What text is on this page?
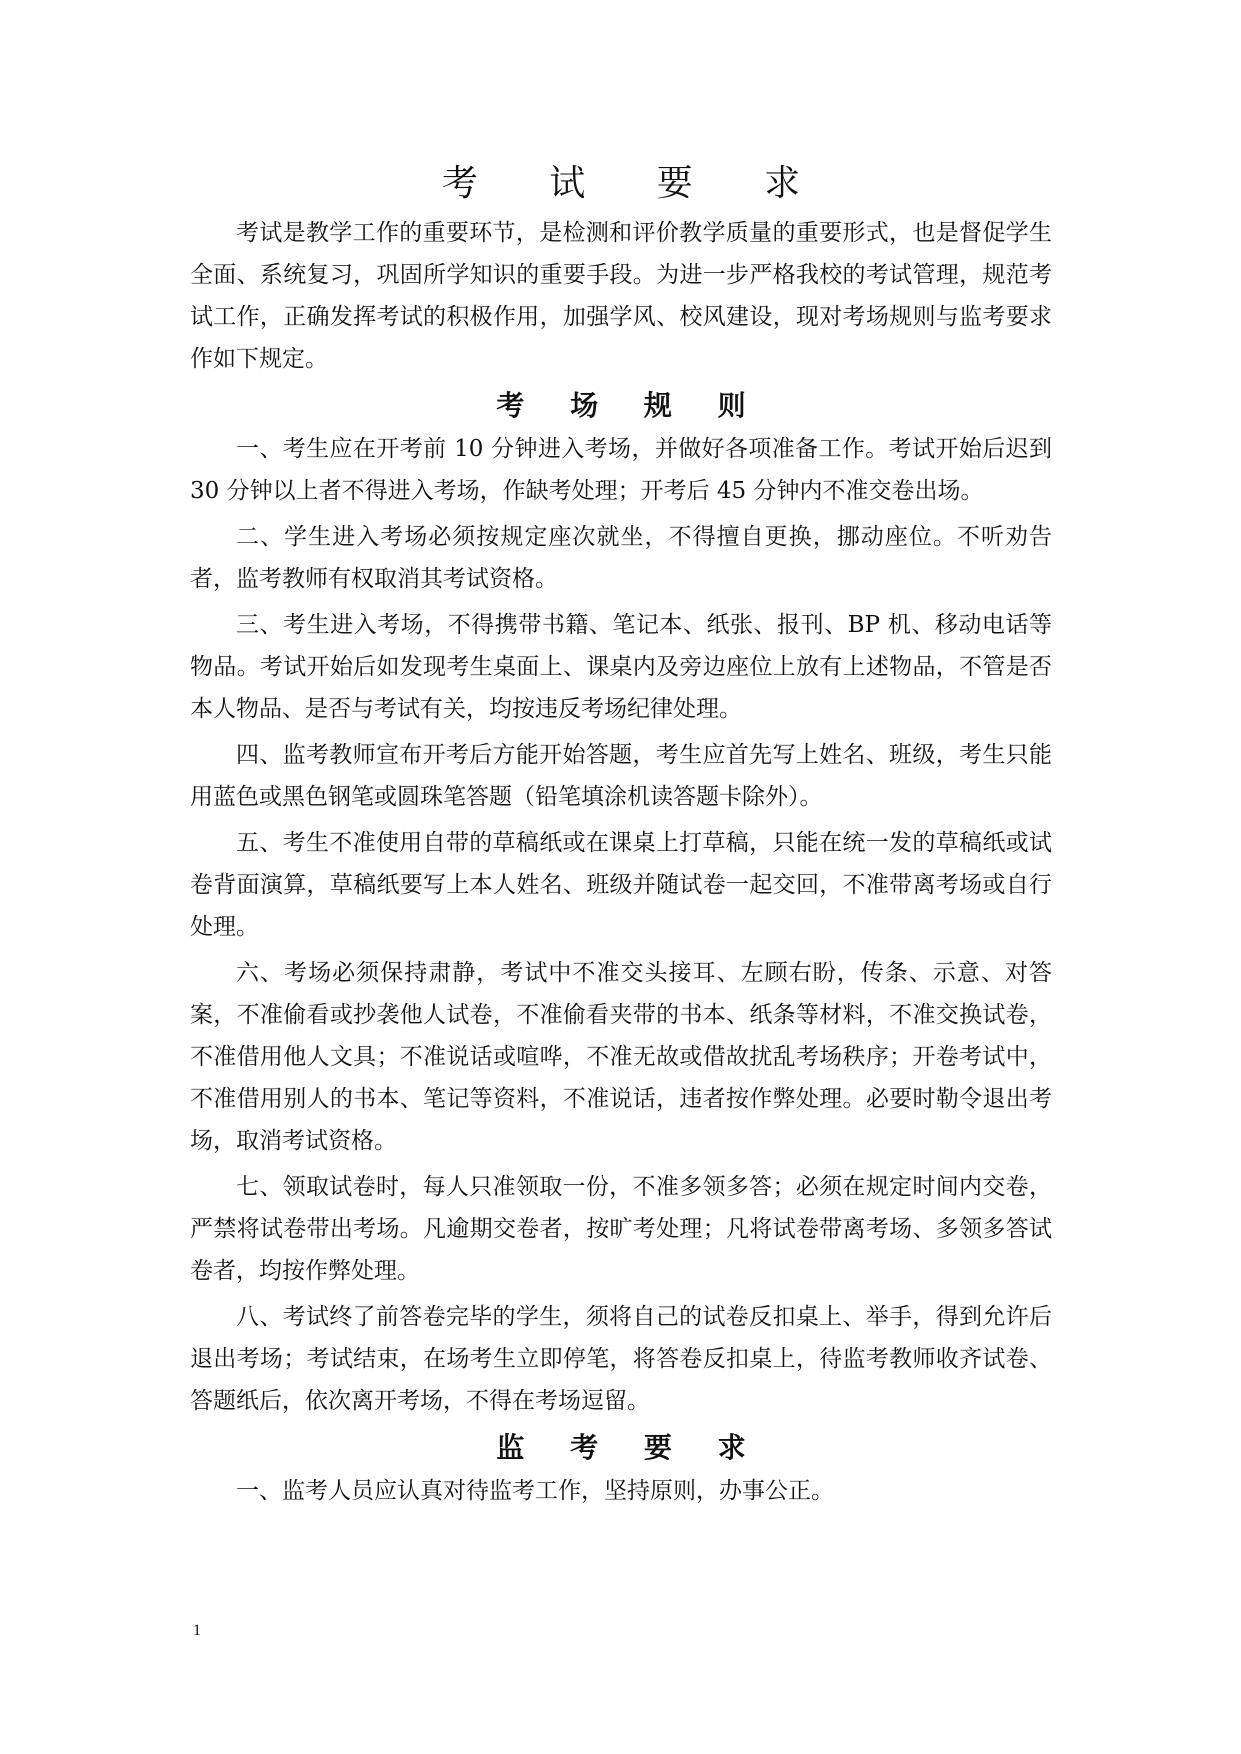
考 试 要 求

考试是教学工作的重要环节，是检测和评价教学质量的重要形式，也是督促学生全面、系统复习，巩固所学知识的重要手段。为进一步严格我校的考试管理，规范考试工作，正确发挥考试的积极作用，加强学风、校风建设，现对考场规则与监考要求作如下规定。

考 场 规 则

一、考生应在开考前 10 分钟进入考场，并做好各项准备工作。考试开始后迟到 30 分钟以上者不得进入考场，作缺考处理；开考后 45 分钟内不准交卷出场。

二、学生进入考场必须按规定座次就坐，不得擅自更换，挪动座位。不听劝告者，监考教师有权取消其考试资格。

三、考生进入考场，不得携带书籍、笔记本、纸张、报刊、BP 机、移动电话等物品。考试开始后如发现考生桌面上、课桌内及旁边座位上放有上述物品，不管是否本人物品、是否与考试有关，均按违反考场纪律处理。

四、监考教师宣布开考后方能开始答题，考生应首先写上姓名、班级，考生只能用蓝色或黑色钢笔或圆珠笔答题（铅笔填涂机读答题卡除外）。

五、考生不准使用自带的草稿纸或在课桌上打草稿，只能在统一发的草稿纸或试卷背面演算，草稿纸要写上本人姓名、班级并随试卷一起交回，不准带离考场或自行处理。

六、考场必须保持肃静，考试中不准交头接耳、左顾右盼，传条、示意、对答案，不准偷看或抄袭他人试卷，不准偷看夹带的书本、纸条等材料，不准交换试卷，不准借用他人文具；不准说话或喧哗，不准无故或借故扰乱考场秩序；开卷考试中，不准借用别人的书本、笔记等资料，不准说话，违者按作弊处理。必要时勒令退出考场，取消考试资格。

七、领取试卷时，每人只准领取一份，不准多领多答；必须在规定时间内交卷，严禁将试卷带出考场。凡逾期交卷者，按旷考处理；凡将试卷带离考场、多领多答试卷者，均按作弊处理。

八、考试终了前答卷完毕的学生，须将自己的试卷反扣桌上、举手，得到允许后退出考场；考试结束，在场考生立即停笔，将答卷反扣桌上，待监考教师收齐试卷、答题纸后，依次离开考场，不得在考场逗留。

监 考 要 求

一、监考人员应认真对待监考工作，坚持原则，办事公正。

1
